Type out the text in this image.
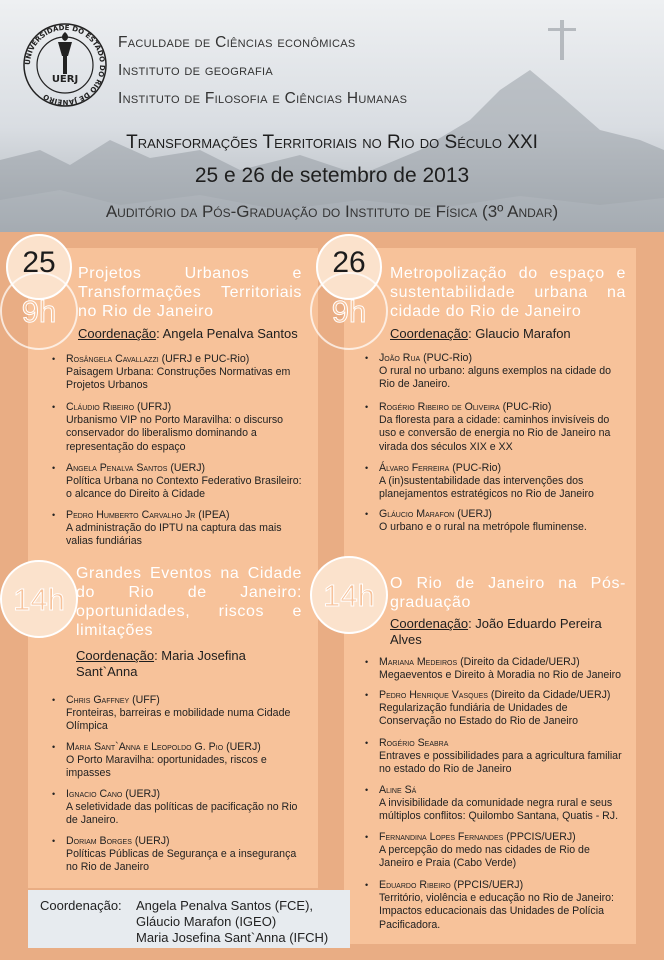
UNIVERSIDADE DO ESTADO DO RIO DE JANEIRO
UERJ
Faculdade de Ciências econômicas
Instituto de geografia
Instituto de Filosofia e Ciências Humanas
Transformações Territoriais no Rio do Século XXI
25 e 26 de setembro de 2013
Auditório da Pós-Graduação do Instituto de Física (3º Andar)
25
9h
26
9h
14h	14h
Projetos Urbanos e Transformações Territoriais no Rio de Janeiro
Coordenação: Angela Penalva Santos
• Rosângela Cavallazzi (UFRJ e PUC-Rio)
Paisagem Urbana: Construções Normativas em Projetos Urbanos
• Cláudio Ribeiro (UFRJ)
Urbanismo VIP no Porto Maravilha: o discurso conservador do liberalismo dominando a representação do espaço
• Angela Penalva Santos (UERJ)
Política Urbana no Contexto Federativo Brasileiro: o alcance do Direito à Cidade
• Pedro Humberto Carvalho Jr (IPEA)
A administração do IPTU na captura das mais valias fundiárias
Grandes Eventos na Cidade do Rio de Janeiro: oportunidades, riscos e limitações
Coordenação: Maria Josefina Sant`Anna
• Chris Gaffney (UFF)
Fronteiras, barreiras e mobilidade numa Cidade Olímpica
• Maria Sant`Anna e Leopoldo G. Pio (UERJ)
O Porto Maravilha: oportunidades, riscos e impasses
• Ignacio Cano (UERJ)
A seletividade das políticas de pacificação no Rio de Janeiro.
• Doriam Borges (UERJ)
Políticas Públicas de Segurança e a insegurança no Rio de Janeiro
Metropolização do espaço e sustentabilidade urbana na cidade do Rio de Janeiro
Coordenação: Glaucio Marafon
• João Rua (PUC-Rio)
O rural no urbano: alguns exemplos na cidade do Rio de Janeiro.
• Rogério Ribeiro de Oliveira (PUC-Rio)
Da floresta para a cidade: caminhos invisíveis do uso e conversão de energia no Rio de Janeiro na virada dos séculos XIX e XX
• Álvaro Ferreira (PUC-Rio)
A (in)sustentabilidade das intervenções dos planejamentos estratégicos no Rio de Janeiro
• Gláucio Marafon (UERJ)
O urbano e o rural na metrópole fluminense.
O Rio de Janeiro na Pós-graduação
Coordenação: João Eduardo Pereira Alves
• Mariana Medeiros (Direito da Cidade/UERJ)
Megaeventos e Direito à Moradia no Rio de Janeiro
• Pedro Henrique Vasques (Direito da Cidade/UERJ)
Regularização fundiária de Unidades de Conservação no Estado do Rio de Janeiro
• Rogério Seabra
Entraves e possibilidades para a agricultura familiar no estado do Rio de Janeiro
• Aline Sá
A invisibilidade da comunidade negra rural e seus múltiplos conflitos: Quilombo Santana, Quatis - RJ.
• Fernandina Lopes Fernandes (PPCIS/UERJ)
A percepção do medo nas cidades de Rio de Janeiro e Praia (Cabo Verde)
• Eduardo Ribeiro (PPCIS/UERJ)
Território, violência e educação no Rio de Janeiro: Impactos educacionais das Unidades de Polícia Pacificadora.
Coordenação: Angela Penalva Santos (FCE),
Gláucio Marafon (IGEO)
Maria Josefina Sant`Anna (IFCH)
